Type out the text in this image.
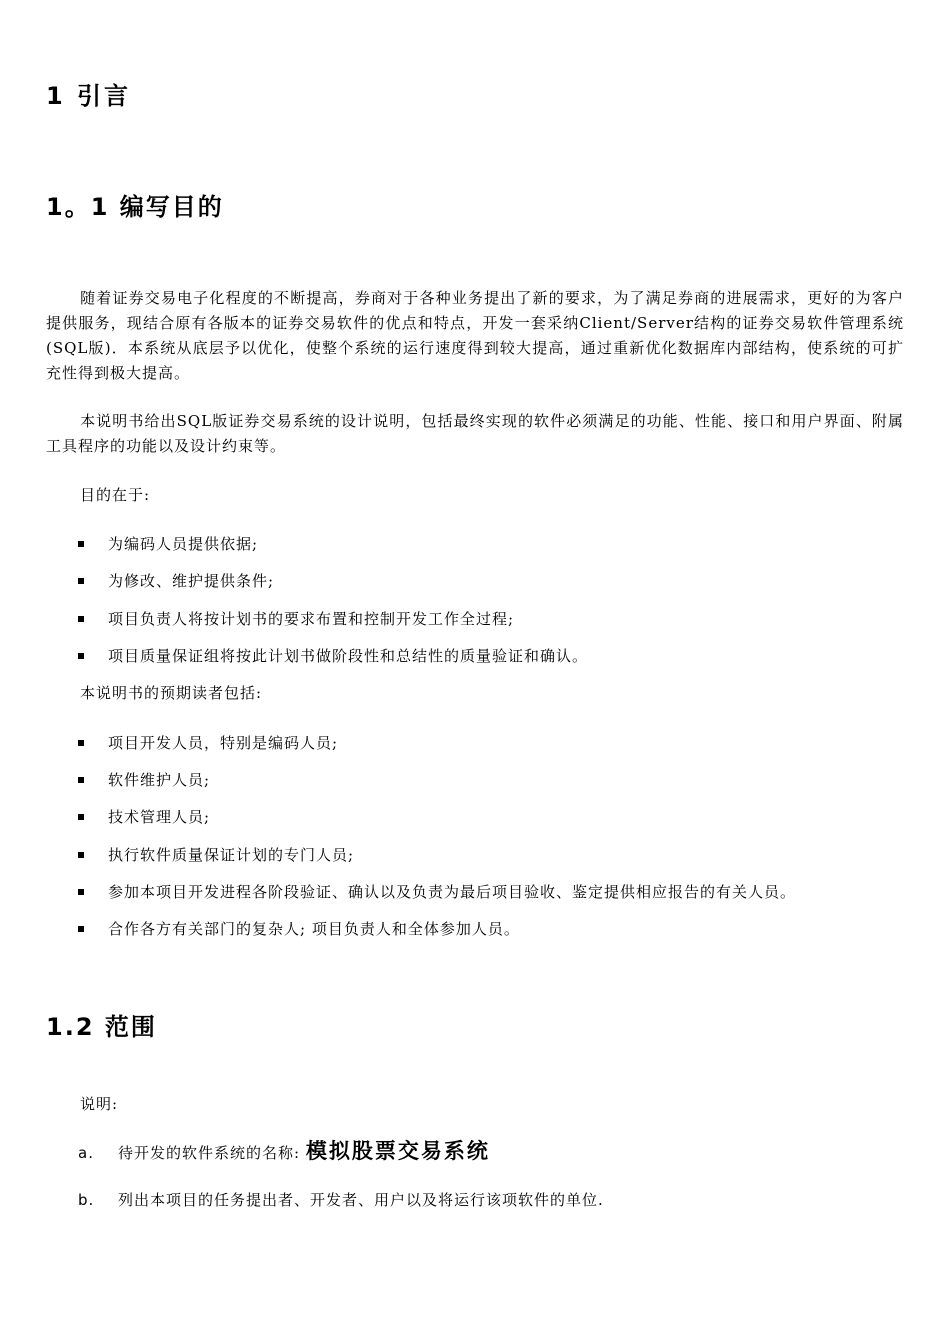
1 引言
1。1 编写目的

随着证券交易电子化程度的不断提高，券商对于各种业务提出了新的要求，为了满足券商的进展需求，更好的为客户提供服务，现结合原有各版本的证券交易软件的优点和特点，开发一套采纳Client/Server结构的证券交易软件管理系统(SQL版)．本系统从底层予以优化，使整个系统的运行速度得到较大提高，通过重新优化数据库内部结构，使系统的可扩充性得到极大提高。

本说明书给出SQL版证券交易系统的设计说明，包括最终实现的软件必须满足的功能、性能、接口和用户界面、附属工具程序的功能以及设计约束等。

目的在于:

为编码人员提供依据;
为修改、维护提供条件;
项目负责人将按计划书的要求布置和控制开发工作全过程;
项目质量保证组将按此计划书做阶段性和总结性的质量验证和确认。

本说明书的预期读者包括:

项目开发人员，特别是编码人员;
软件维护人员;
技术管理人员;
执行软件质量保证计划的专门人员;
参加本项目开发进程各阶段验证、确认以及负责为最后项目验收、鉴定提供相应报告的有关人员。
合作各方有关部门的复杂人; 项目负责人和全体参加人员。
1.2 范围

说明:

a. 待开发的软件系统的名称: 模拟股票交易系统
b. 列出本项目的任务提出者、开发者、用户以及将运行该项软件的单位.
